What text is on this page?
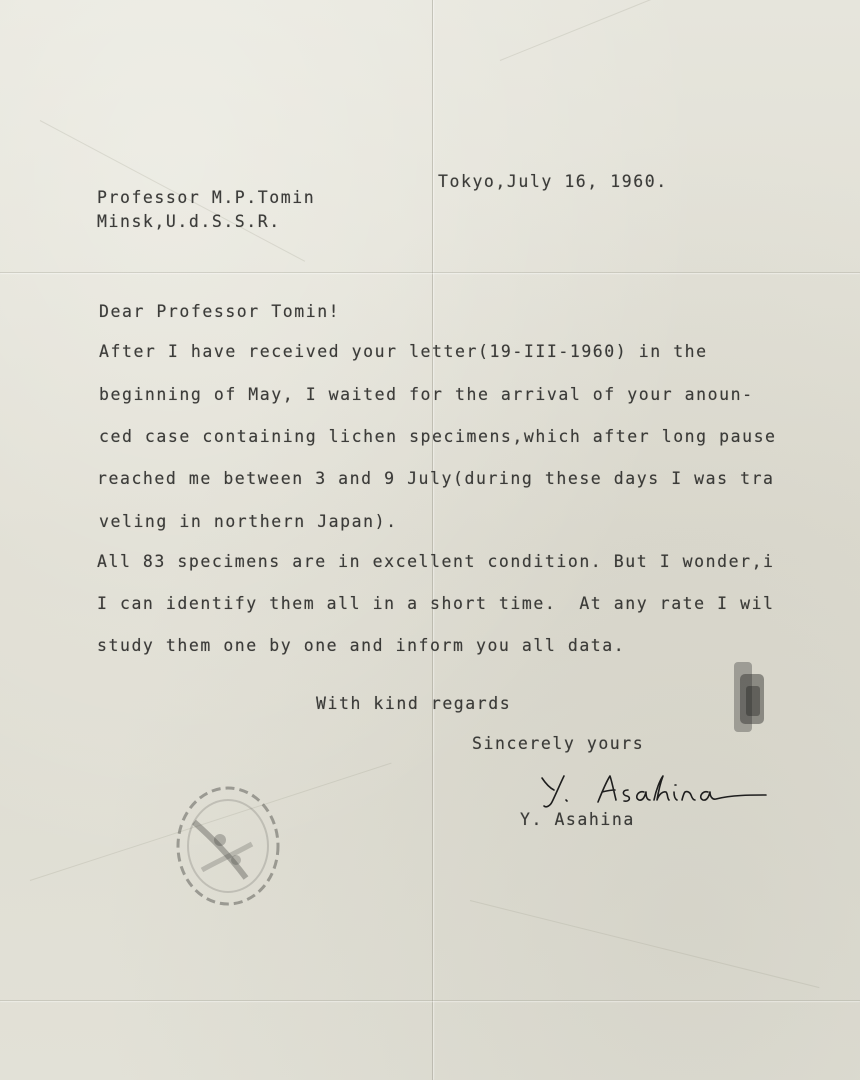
Tokyo,July 16, 1960.

Professor M.P.Tomin

Minsk,U.d.S.S.R.

Dear Professor Tomin!

After I have received your letter(19-III-1960) in the

beginning of May, I waited for the arrival of your anoun-

ced case containing lichen specimens,which after long pause

reached me between 3 and 9 July(during these days I was tra

veling in northern Japan).

All 83 specimens are in excellent condition. But I wonder,i

I can identify them all in a short time.  At any rate I wil

study them one by one and inform you all data.

With kind regards

Sincerely yours

Y. Asahina
